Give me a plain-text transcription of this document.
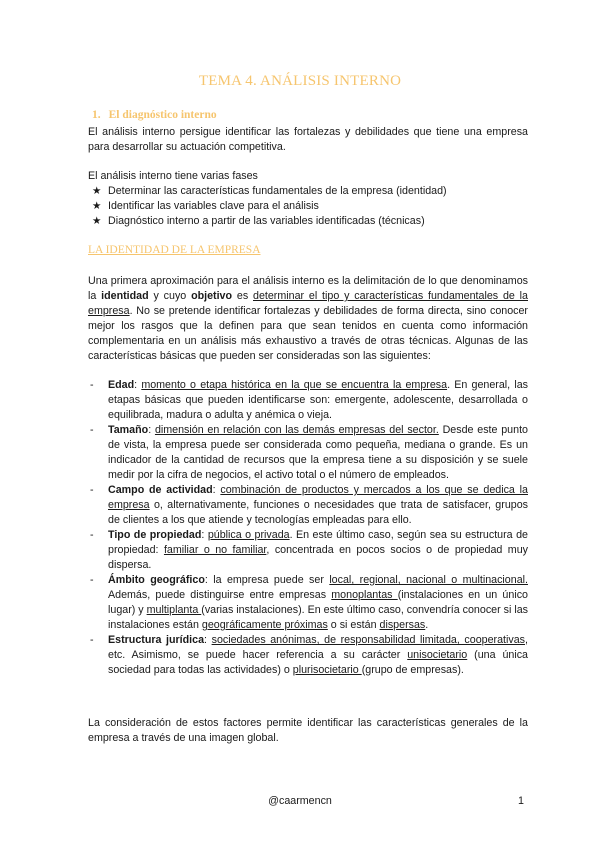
TEMA 4. ANÁLISIS INTERNO
1. El diagnóstico interno
El análisis interno persigue identificar las fortalezas y debilidades que tiene una empresa para desarrollar su actuación competitiva.
El análisis interno tiene varias fases
★ Determinar las características fundamentales de la empresa (identidad)
★ Identificar las variables clave para el análisis
★ Diagnóstico interno a partir de las variables identificadas (técnicas)
LA IDENTIDAD DE LA EMPRESA
Una primera aproximación para el análisis interno es la delimitación de lo que denominamos la identidad y cuyo objetivo es determinar el tipo y características fundamentales de la empresa. No se pretende identificar fortalezas y debilidades de forma directa, sino conocer mejor los rasgos que la definen para que sean tenidos en cuenta como información complementaria en un análisis más exhaustivo a través de otras técnicas. Algunas de las características básicas que pueden ser consideradas son las siguientes:
- Edad: momento o etapa histórica en la que se encuentra la empresa. En general, las etapas básicas que pueden identificarse son: emergente, adolescente, desarrollada o equilibrada, madura o adulta y anémica o vieja.
- Tamaño: dimensión en relación con las demás empresas del sector. Desde este punto de vista, la empresa puede ser considerada como pequeña, mediana o grande. Es un indicador de la cantidad de recursos que la empresa tiene a su disposición y se suele medir por la cifra de negocios, el activo total o el número de empleados.
- Campo de actividad: combinación de productos y mercados a los que se dedica la empresa o, alternativamente, funciones o necesidades que trata de satisfacer, grupos de clientes a los que atiende y tecnologías empleadas para ello.
- Tipo de propiedad: pública o privada. En este último caso, según sea su estructura de propiedad: familiar o no familiar, concentrada en pocos socios o de propiedad muy dispersa.
- Ámbito geográfico: la empresa puede ser local, regional, nacional o multinacional. Además, puede distinguirse entre empresas monoplantas (instalaciones en un único lugar) y multiplanta (varias instalaciones). En este último caso, convendría conocer si las instalaciones están geográficamente próximas o si están dispersas.
- Estructura jurídica: sociedades anónimas, de responsabilidad limitada, cooperativas, etc. Asimismo, se puede hacer referencia a su carácter unisocietario (una única sociedad para todas las actividades) o plurisocietario (grupo de empresas).
La consideración de estos factores permite identificar las características generales de la empresa a través de una imagen global.
@caarmencn	1
